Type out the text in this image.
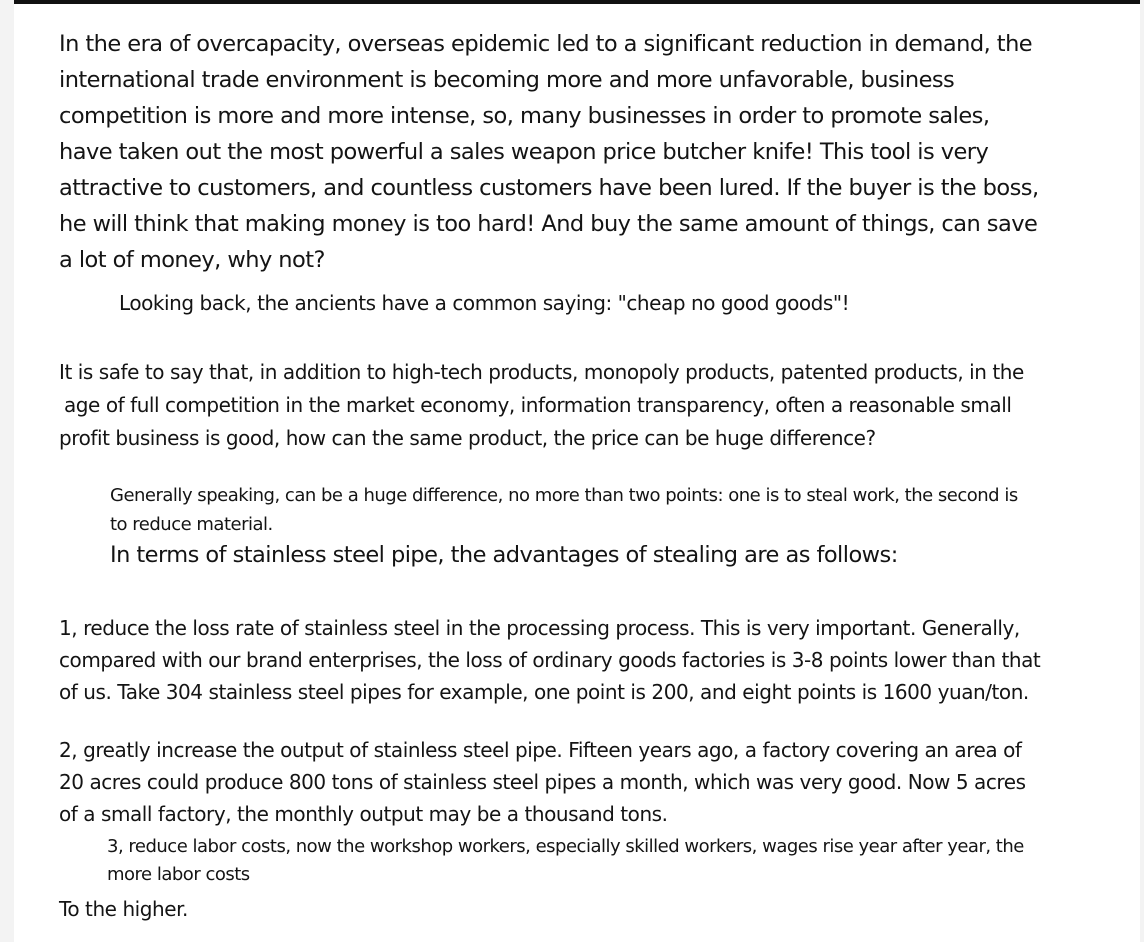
In the era of overcapacity, overseas epidemic led to a significant reduction in demand, the
international trade environment is becoming more and more unfavorable, business
competition is more and more intense, so, many businesses in order to promote sales,
have taken out the most powerful a sales weapon price butcher knife! This tool is very
attractive to customers, and countless customers have been lured. If the buyer is the boss,
he will think that making money is too hard! And buy the same amount of things, can save
a lot of money, why not?

Looking back, the ancients have a common saying: "cheap no good goods"!

It is safe to say that, in addition to high-tech products, monopoly products, patented products, in the
age of full competition in the market economy, information transparency, often a reasonable small
profit business is good, how can the same product, the price can be huge difference?

Generally speaking, can be a huge difference, no more than two points: one is to steal work, the second is
to reduce material.

In terms of stainless steel pipe, the advantages of stealing are as follows:

1, reduce the loss rate of stainless steel in the processing process. This is very important. Generally,
compared with our brand enterprises, the loss of ordinary goods factories is 3-8 points lower than that
of us. Take 304 stainless steel pipes for example, one point is 200, and eight points is 1600 yuan/ton.

2, greatly increase the output of stainless steel pipe. Fifteen years ago, a factory covering an area of
20 acres could produce 800 tons of stainless steel pipes a month, which was very good. Now 5 acres
of a small factory, the monthly output may be a thousand tons.

3, reduce labor costs, now the workshop workers, especially skilled workers, wages rise year after year, the
more labor costs

To the higher.
